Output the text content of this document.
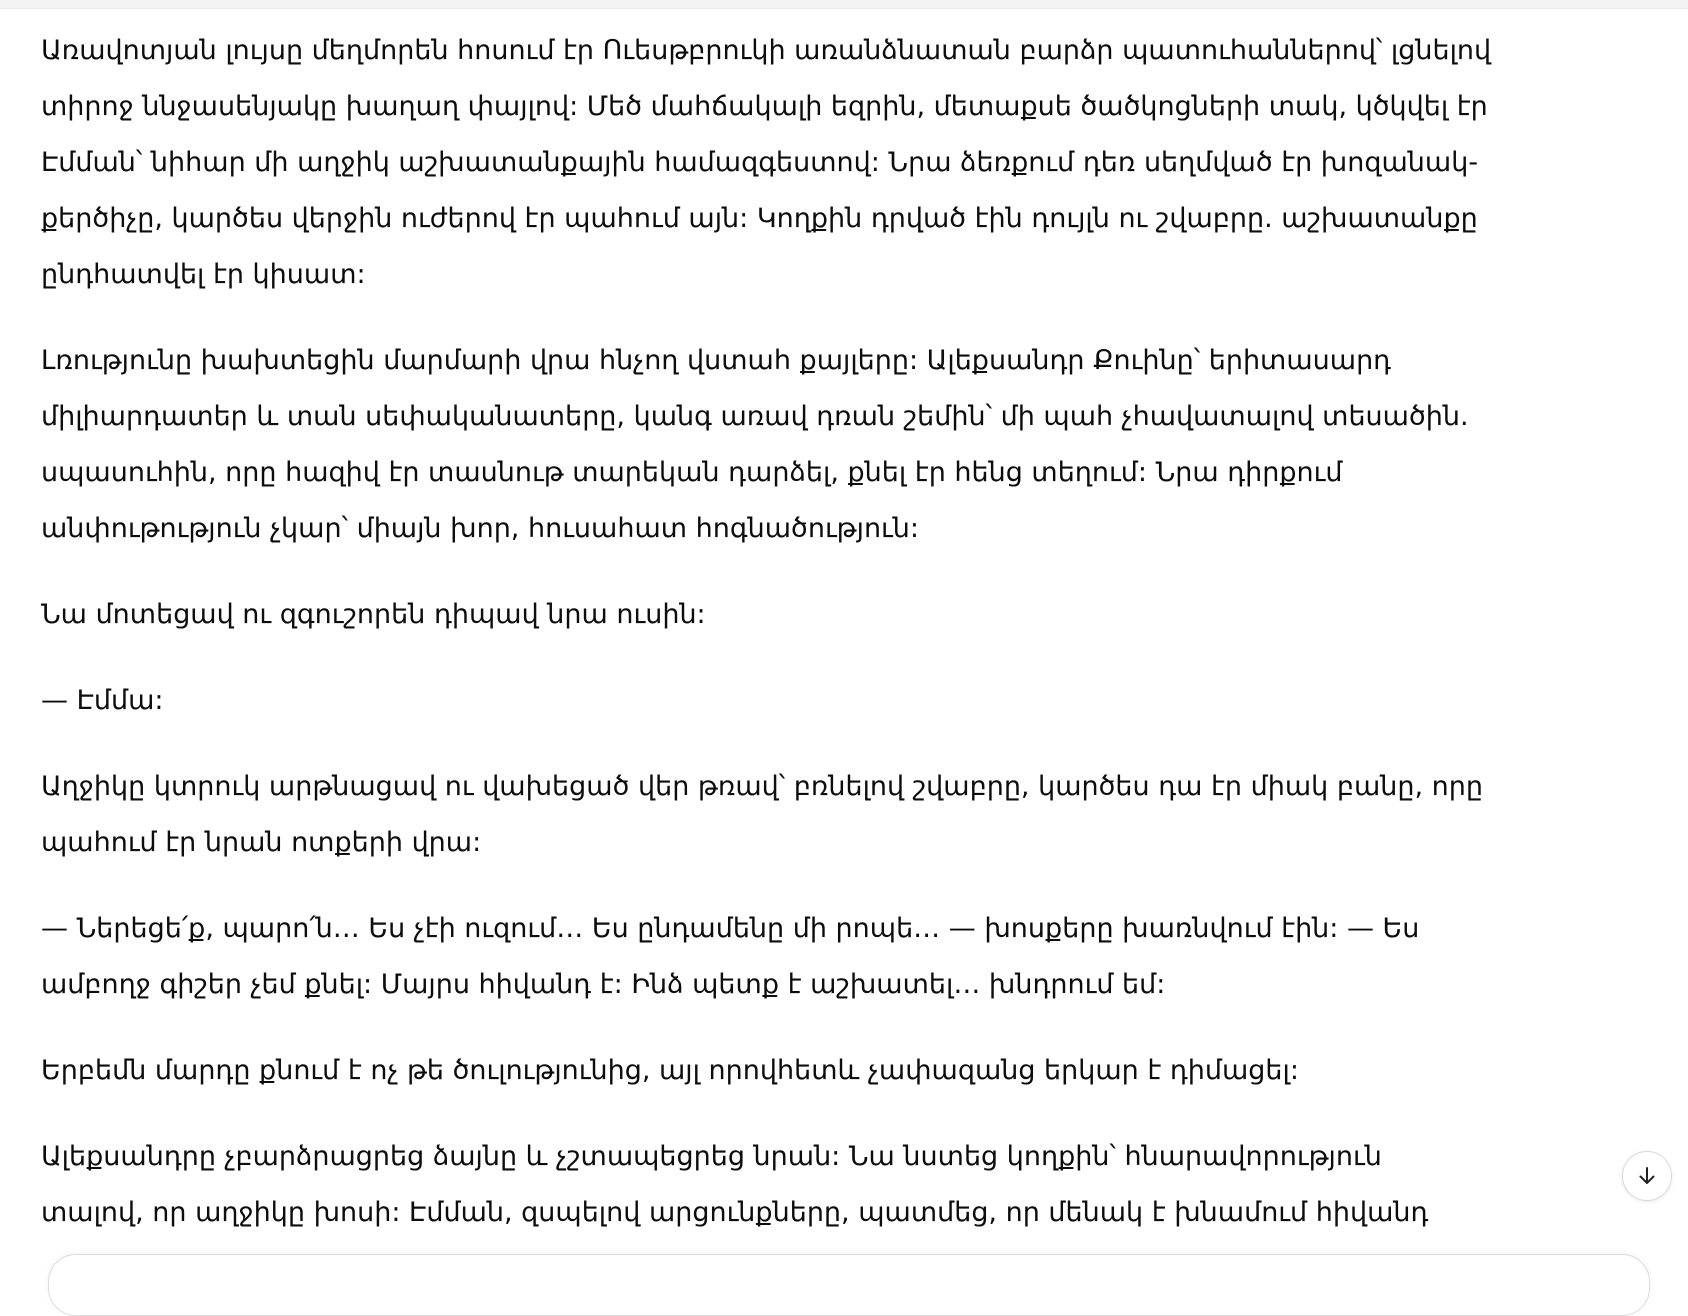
Առավոտյան լույսը մեղմորեն հոսում էր Ուեսթբրուկի առանձնատան բարձր պատուհաններով՝ լցնելով
տիրոջ ննջասենյակը խաղաղ փայլով: Մեծ մահճակալի եզրին, մետաքսե ծածկոցների տակ, կծկվել էր
Էմման՝ նիհար մի աղջիկ աշխատանքային համազգեստով: Նրա ձեռքում դեռ սեղմված էր խոզանակ-
քերծիչը, կարծես վերջին ուժերով էր պահում այն: Կողքին դրված էին դույլն ու շվաբրը. աշխատանքը
ընդհատվել էր կիսատ:
Լռությունը խախտեցին մարմարի վրա հնչող վստահ քայլերը: Ալեքսանդր Քուինը՝ երիտասարդ
միլիարդատեր և տան սեփականատերը, կանգ առավ դռան շեմին՝ մի պահ չհավատալով տեսածին.
սպասուհին, որը հազիվ էր տասնութ տարեկան դարձել, քնել էր հենց տեղում: Նրա դիրքում
անփութություն չկար՝ միայն խոր, հուսահատ հոգնածություն:
Նա մոտեցավ ու զգուշորեն դիպավ նրա ուսին:
— Էմմա:
Աղջիկը կտրուկ արթնացավ ու վախեցած վեր թռավ՝ բռնելով շվաբրը, կարծես դա էր միակ բանը, որը
պահում էր նրան ոտքերի վրա:
— Ներեցե՛ք, պարո՛ն… Ես չէի ուզում… Ես ընդամենը մի րոպե… — խոսքերը խառնվում էին: — Ես
ամբողջ գիշեր չեմ քնել: Մայրս հիվանդ է: Ինձ պետք է աշխատել… խնդրում եմ:
Երբեմն մարդը քնում է ոչ թե ծուլությունից, այլ որովհետև չափազանց երկար է դիմացել:
Ալեքսանդրը չբարձրացրեց ձայնը և չշտապեցրեց նրան: Նա նստեց կողքին՝ հնարավորություն
տալով, որ աղջիկը խոսի: Էմման, զսպելով արցունքները, պատմեց, որ մենակ է խնամում հիվանդ
